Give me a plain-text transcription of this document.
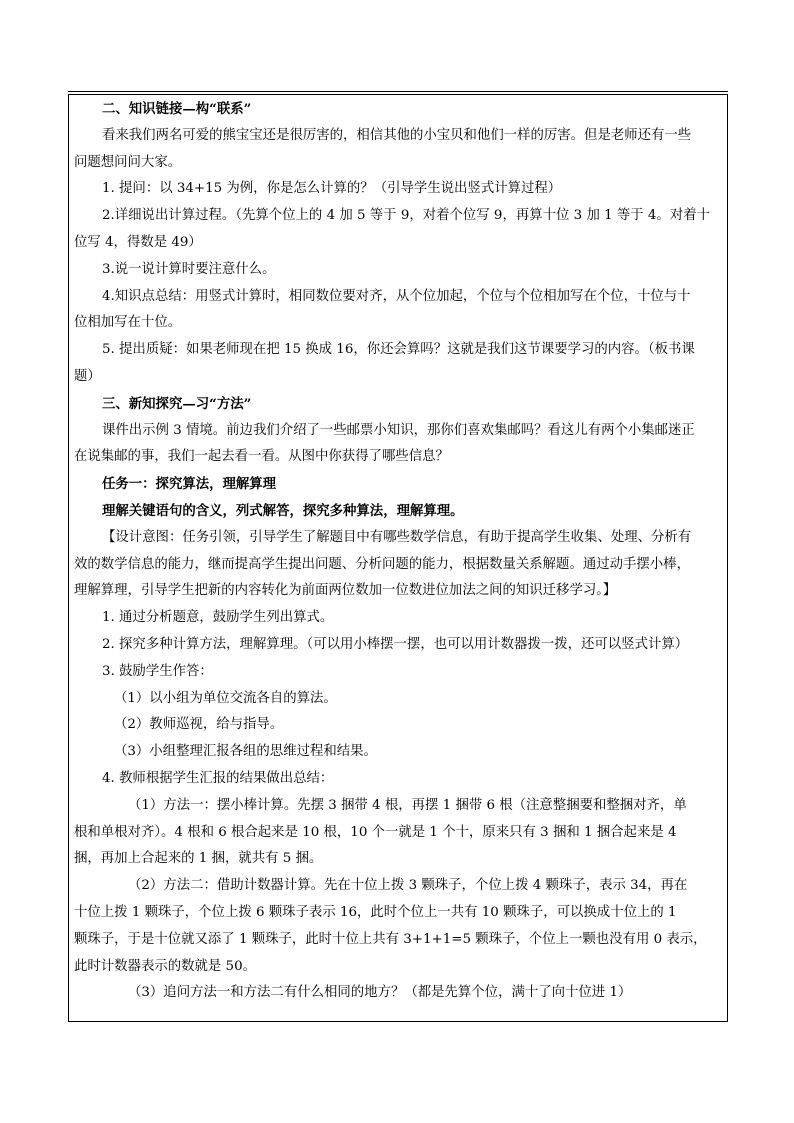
二、知识链接—构“联系”
看来我们两名可爱的熊宝宝还是很厉害的，相信其他的小宝贝和他们一样的厉害。但是老师还有一些
问题想问问大家。
1. 提问：以 34+15 为例，你是怎么计算的？（引导学生说出竖式计算过程）
2.详细说出计算过程。（先算个位上的 4 加 5 等于 9，对着个位写 9，再算十位 3 加 1 等于 4。对着十
位写 4，得数是 49）
3.说一说计算时要注意什么。
4.知识点总结：用竖式计算时，相同数位要对齐，从个位加起，个位与个位相加写在个位，十位与十
位相加写在十位。
5. 提出质疑：如果老师现在把 15 换成 16，你还会算吗？这就是我们这节课要学习的内容。（板书课
题）
三、新知探究—习“方法”
课件出示例 3 情境。前边我们介绍了一些邮票小知识，那你们喜欢集邮吗？看这儿有两个小集邮迷正
在说集邮的事，我们一起去看一看。从图中你获得了哪些信息？
任务一：探究算法，理解算理
理解关键语句的含义，列式解答，探究多种算法，理解算理。
【设计意图：任务引领，引导学生了解题目中有哪些数学信息，有助于提高学生收集、处理、分析有
效的数学信息的能力，继而提高学生提出问题、分析问题的能力，根据数量关系解题。通过动手摆小棒，
理解算理，引导学生把新的内容转化为前面两位数加一位数进位加法之间的知识迁移学习。】
1. 通过分析题意，鼓励学生列出算式。
2. 探究多种计算方法，理解算理。（可以用小棒摆一摆，也可以用计数器拨一拨，还可以竖式计算）
3. 鼓励学生作答：
（1）以小组为单位交流各自的算法。
（2）教师巡视，给与指导。
（3）小组整理汇报各组的思维过程和结果。
4. 教师根据学生汇报的结果做出总结：
（1）方法一：摆小棒计算。先摆 3 捆带 4 根，再摆 1 捆带 6 根（注意整捆要和整捆对齐，单
根和单根对齐）。4 根和 6 根合起来是 10 根，10 个一就是 1 个十，原来只有 3 捆和 1 捆合起来是 4
捆，再加上合起来的 1 捆，就共有 5 捆。
（2）方法二：借助计数器计算。先在十位上拨 3 颗珠子，个位上拨 4 颗珠子，表示 34，再在
十位上拨 1 颗珠子，个位上拨 6 颗珠子表示 16，此时个位上一共有 10 颗珠子，可以换成十位上的 1
颗珠子，于是十位就又添了 1 颗珠子，此时十位上共有 3+1+1=5 颗珠子，个位上一颗也没有用 0 表示，
此时计数器表示的数就是 50。
（3）追问方法一和方法二有什么相同的地方？（都是先算个位，满十了向十位进 1）
